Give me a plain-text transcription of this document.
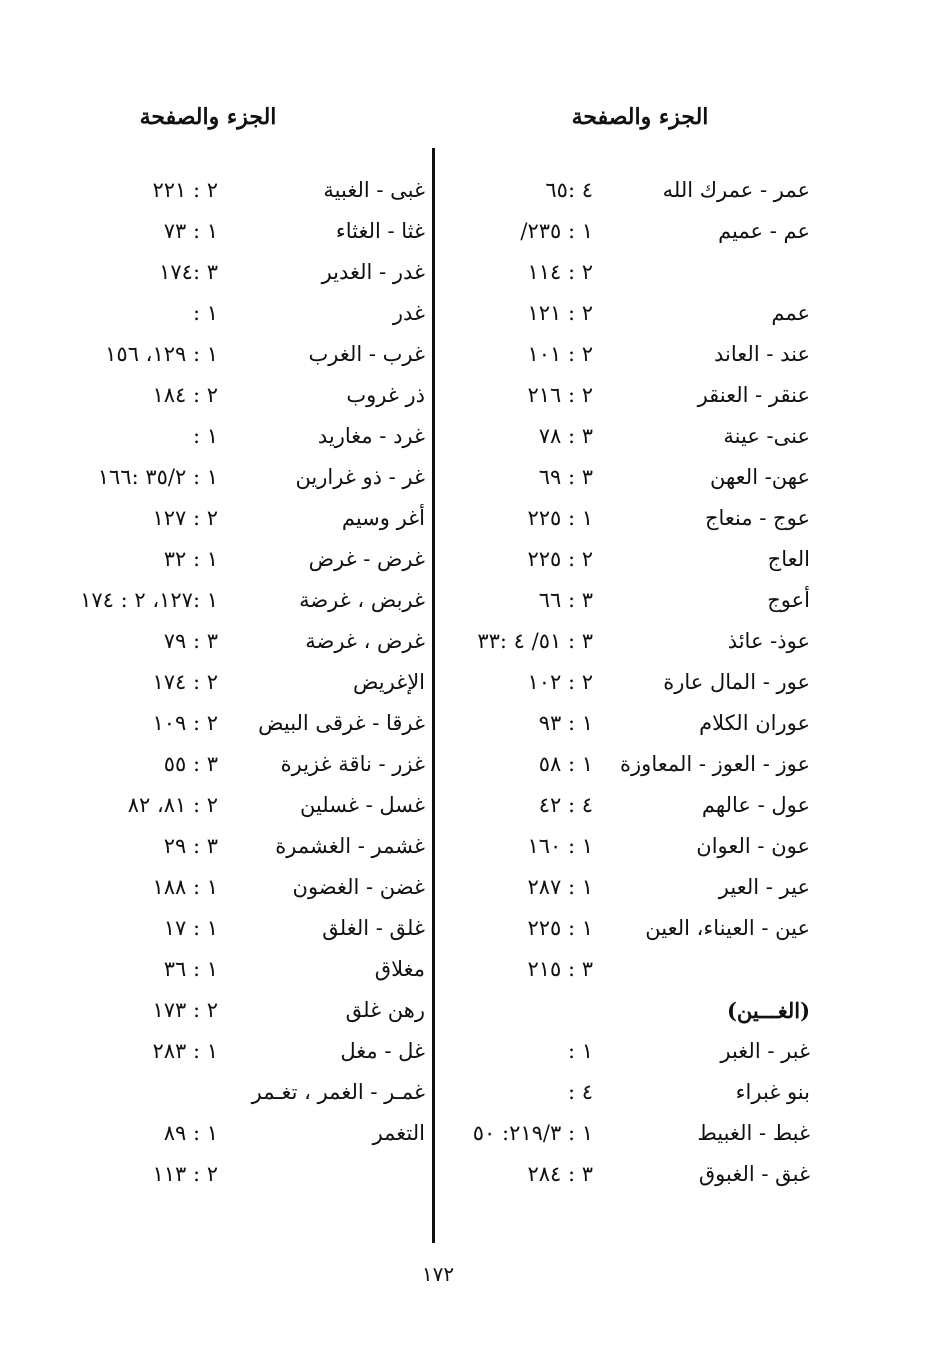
الجزء والصفحة
الجزء والصفحة
عمر - عمرك الله
٤ :٦٥
عم - عميم
١ : ٢٣٥/
٢ : ١١٤
عمم
٢ : ١٢١
عند - العاند
٢ : ١٠١
عنقر - العنقر
٢ : ٢١٦
عنى- عينة
٣ : ٧٨
عهن- العهن
٣ : ٦٩
عوج - منعاج
١ : ٢٢٥
العاج
٢ : ٢٢٥
أعوج
٣ : ٦٦
عوذ- عائذ
٣ : ٥١/ ٤ :٣٣
عور - المال عارة
٢ : ١٠٢
عوران الكلام
١ : ٩٣
عوز - العوز - المعاوزة
١ : ٥٨
عول - عالهم
٤ : ٤٢
عون - العوان
١ : ١٦٠
عير - العير
١ : ٢٨٧
عين - العيناء، العين
١ : ٢٢٥
٣ : ٢١٥
(الغـــين)
غبر - الغبر
١ :
بنو غبراء
٤ :
غبط - الغبيط
١ : ٢١٩/٣: ٥٠
غبق - الغبوق
٣ : ٢٨٤
غبى - الغبية
٢ : ٢٢١
غثا - الغثاء
١ : ٧٣
غدر - الغدير
٣ :١٧٤
غدر
١ :
غرب - الغرب
١ : ١٢٩، ١٥٦
ذر غروب
٢ : ١٨٤
غرد - مغاريد
١ :
غر - ذو غرارين
١ : ٣٥/٢ :١٦٦
أغر وسيم
٢ : ١٢٧
غرض - غرض
١ : ٣٢
غربض ، غرضة
١ :١٢٧، ٢ : ١٧٤
غرض ، غرضة
٣ : ٧٩
الإغريض
٢ : ١٧٤
غرقا - غرقى البيض
٢ : ١٠٩
غزر - ناقة غزيرة
٣ : ٥٥
غسل - غسلين
٢ : ٨١، ٨٢
غشمر - الغشمرة
٣ : ٢٩
غضن - الغضون
١ : ١٨٨
غلق - الغلق
١ : ١٧
مغلاق
١ : ٣٦
رهن غلق
٢ : ١٧٣
غل - مغل
١ : ٢٨٣
غمـر - الغمر ، تغـمر
التغمر
١ : ٨٩
٢ : ١١٣
١٧٢
